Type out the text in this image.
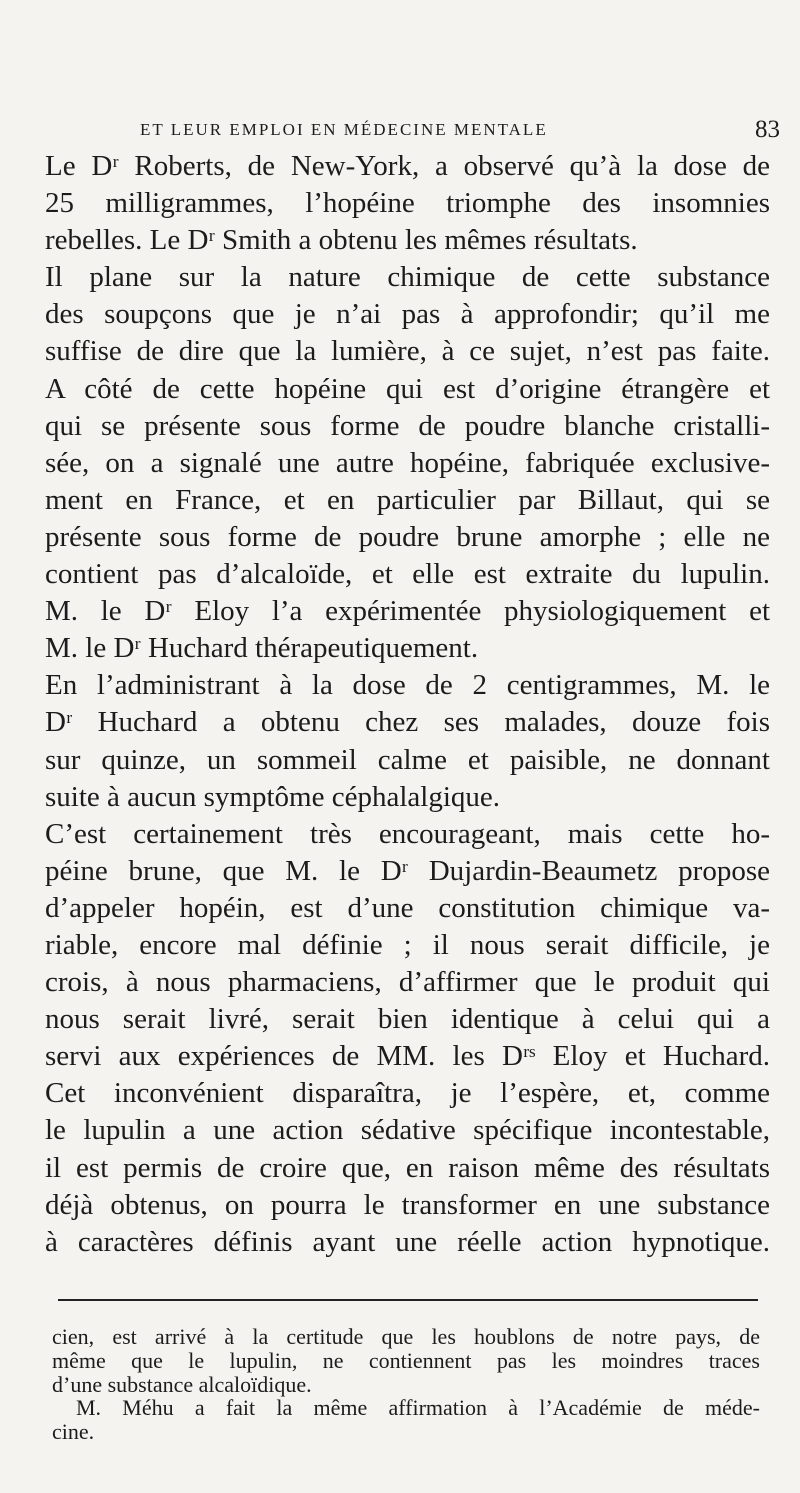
ET LEUR EMPLOI EN MÉDECINE MENTALE	83
Le Dʳ Roberts, de New-York, a observé qu’à la dose de
25 milligrammes, l’hopéine triomphe des insomnies
rebelles. Le Dʳ Smith a obtenu les mêmes résultats.
Il plane sur la nature chimique de cette substance
des soupçons que je n’ai pas à approfondir; qu’il me
suffise de dire que la lumière, à ce sujet, n’est pas faite.
A côté de cette hopéine qui est d’origine étrangère et
qui se présente sous forme de poudre blanche cristalli-
sée, on a signalé une autre hopéine, fabriquée exclusive-
ment en France, et en particulier par Billaut, qui se
présente sous forme de poudre brune amorphe ; elle ne
contient pas d’alcaloïde, et elle est extraite du lupulin.
M. le Dʳ Eloy l’a expérimentée physiologiquement et
M. le Dʳ Huchard thérapeutiquement.
En l’administrant à la dose de 2 centigrammes, M. le
Dʳ Huchard a obtenu chez ses malades, douze fois
sur quinze, un sommeil calme et paisible, ne donnant
suite à aucun symptôme céphalalgique.
C’est certainement très encourageant, mais cette ho-
péine brune, que M. le Dʳ Dujardin-Beaumetz propose
d’appeler hopéin, est d’une constitution chimique va-
riable, encore mal définie ; il nous serait difficile, je
crois, à nous pharmaciens, d’affirmer que le produit qui
nous serait livré, serait bien identique à celui qui a
servi aux expériences de MM. les Dʳˢ Eloy et Huchard.
Cet inconvénient disparaîtra, je l’espère, et, comme
le lupulin a une action sédative spécifique incontestable,
il est permis de croire que, en raison même des résultats
déjà obtenus, on pourra le transformer en une substance
à caractères définis ayant une réelle action hypnotique.
cien, est arrivé à la certitude que les houblons de notre pays, de
même que le lupulin, ne contiennent pas les moindres traces
d’une substance alcaloïdique.
M. Méhu a fait la même affirmation à l’Académie de méde-
cine.
